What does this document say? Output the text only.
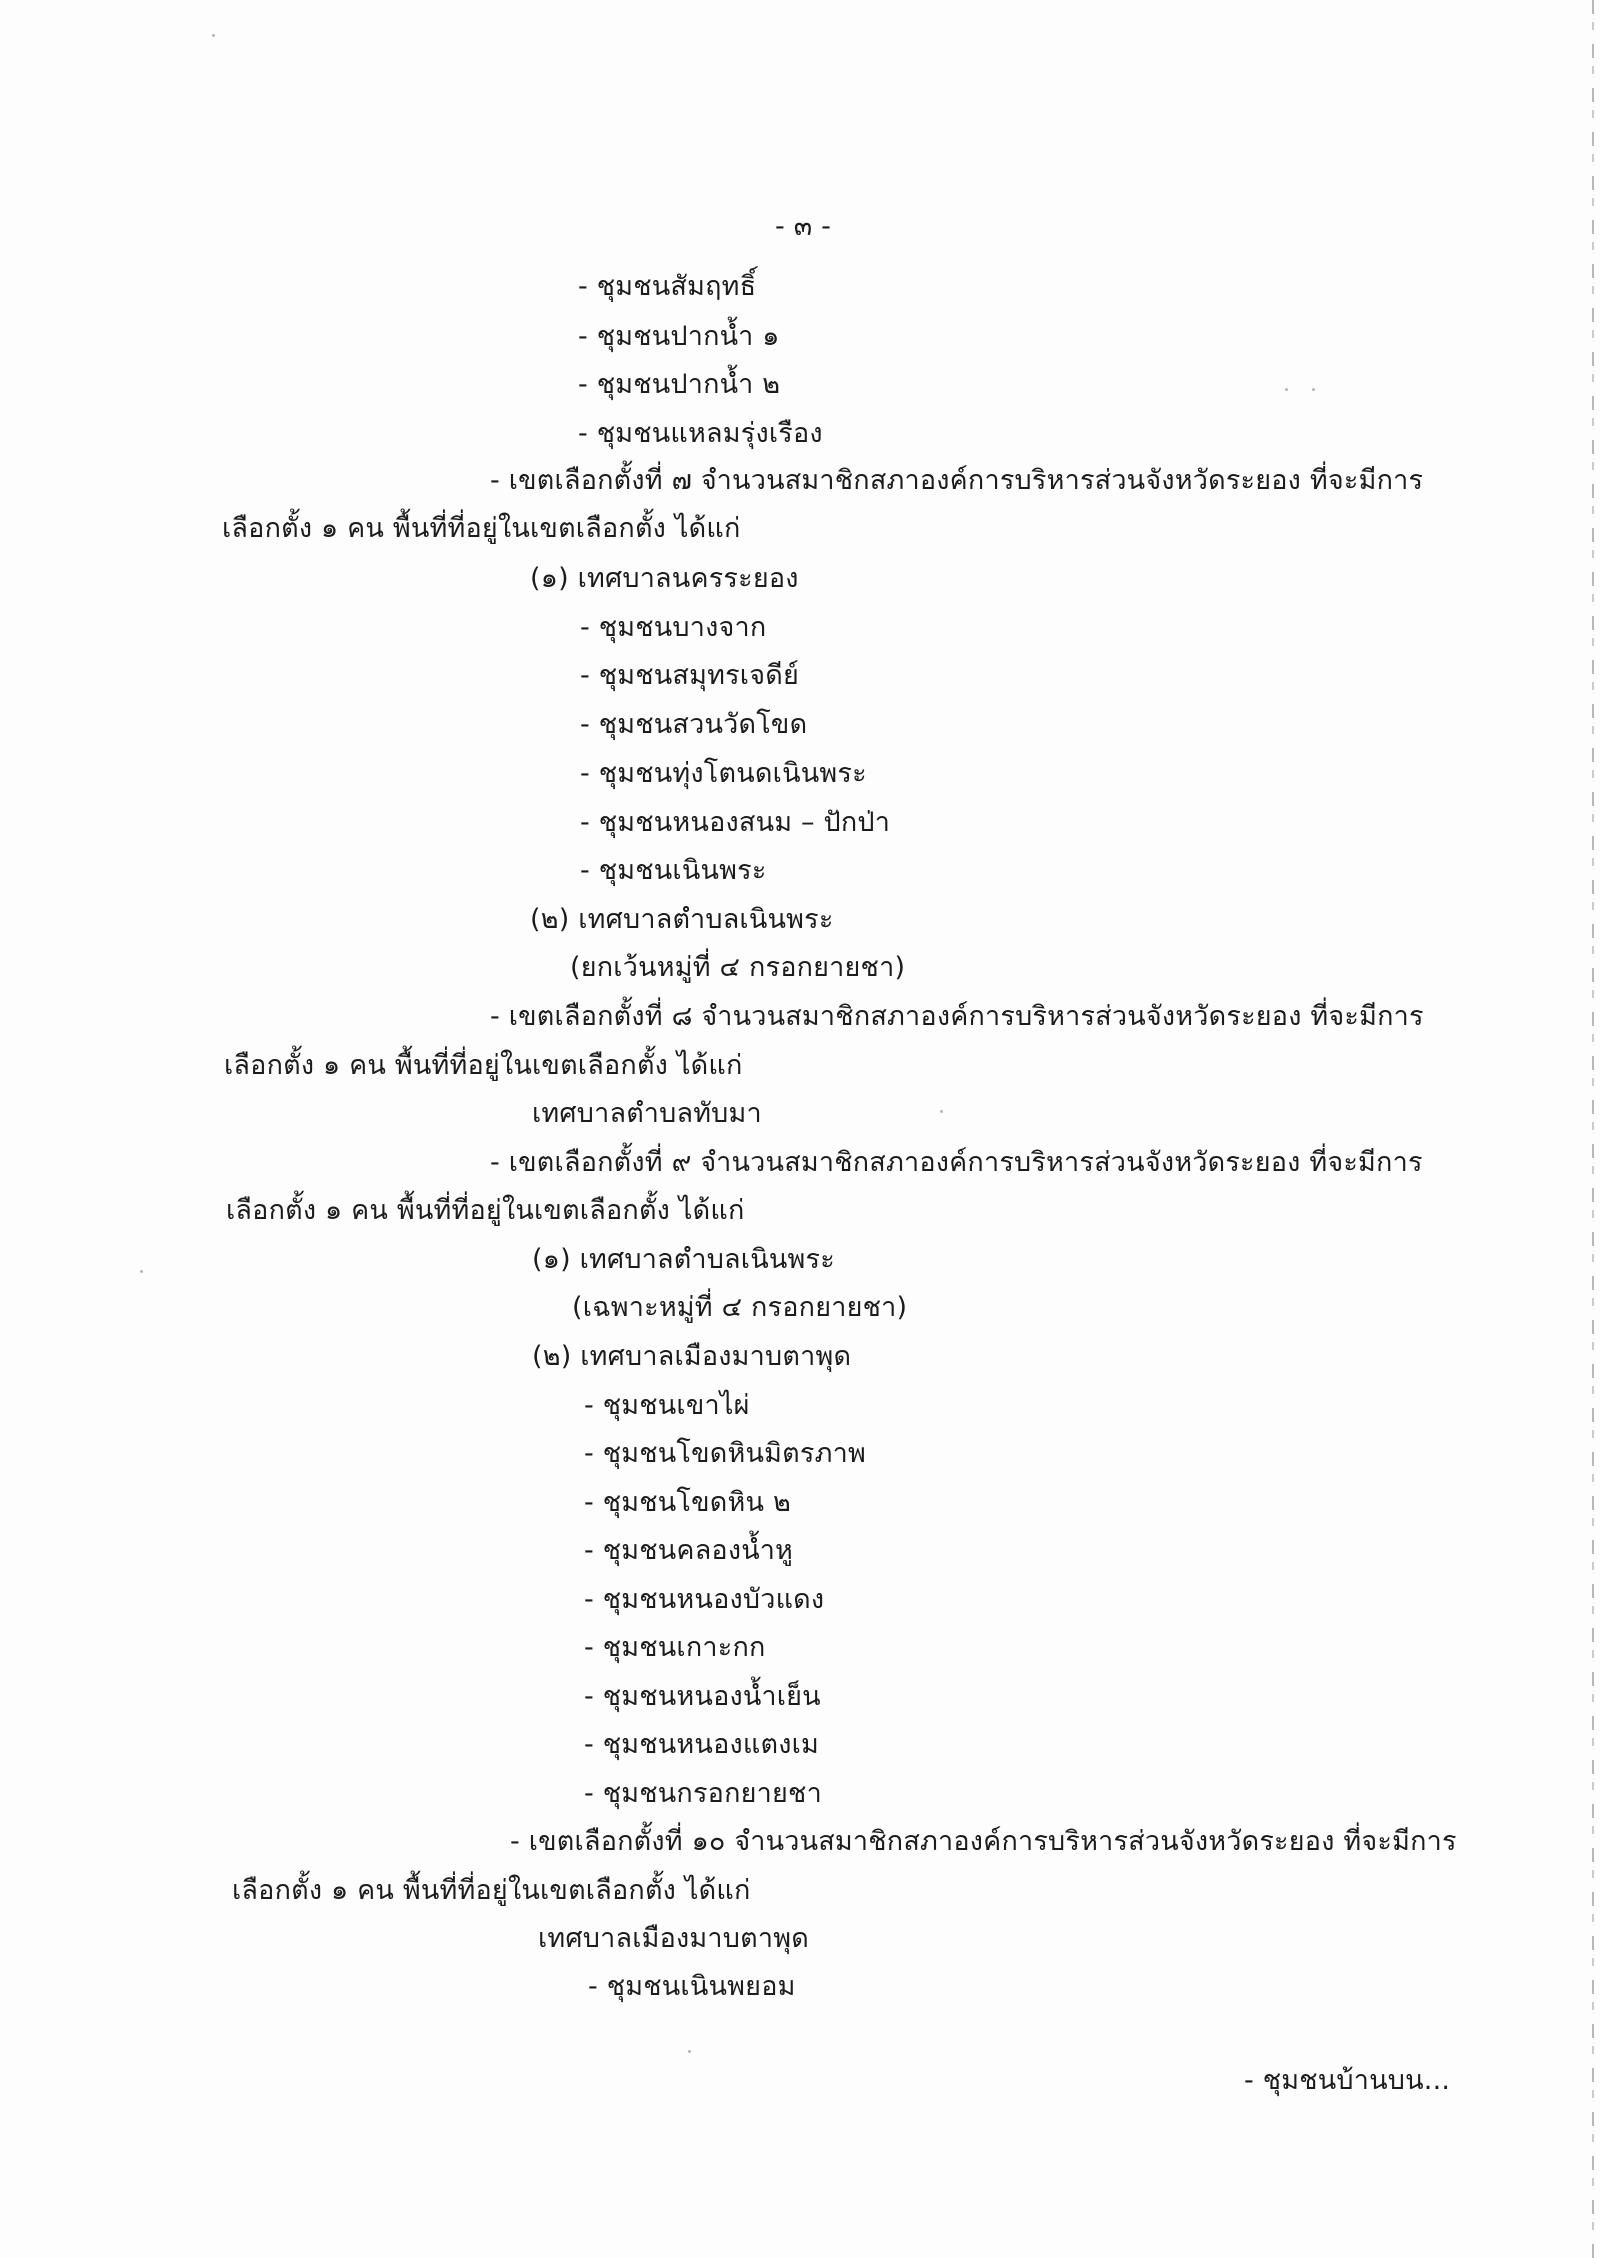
- ๓ -
- ชุมชนสัมฤทธิ์
- ชุมชนปากน้ำ ๑
- ชุมชนปากน้ำ ๒
- ชุมชนแหลมรุ่งเรือง
- เขตเลือกตั้งที่ ๗ จำนวนสมาชิกสภาองค์การบริหารส่วนจังหวัดระยอง ที่จะมีการ
เลือกตั้ง ๑ คน พื้นที่ที่อยู่ในเขตเลือกตั้ง ได้แก่
(๑) เทศบาลนครระยอง
- ชุมชนบางจาก
- ชุมชนสมุทรเจดีย์
- ชุมชนสวนวัดโขด
- ชุมชนทุ่งโตนดเนินพระ
- ชุมชนหนองสนม – ปักป่า
- ชุมชนเนินพระ
(๒) เทศบาลตำบลเนินพระ
(ยกเว้นหมู่ที่ ๔ กรอกยายชา)
- เขตเลือกตั้งที่ ๘ จำนวนสมาชิกสภาองค์การบริหารส่วนจังหวัดระยอง ที่จะมีการ
เลือกตั้ง ๑ คน พื้นที่ที่อยู่ในเขตเลือกตั้ง ได้แก่
เทศบาลตำบลทับมา
- เขตเลือกตั้งที่ ๙ จำนวนสมาชิกสภาองค์การบริหารส่วนจังหวัดระยอง ที่จะมีการ
เลือกตั้ง ๑ คน พื้นที่ที่อยู่ในเขตเลือกตั้ง ได้แก่
(๑) เทศบาลตำบลเนินพระ
(เฉพาะหมู่ที่ ๔ กรอกยายชา)
(๒) เทศบาลเมืองมาบตาพุด
- ชุมชนเขาไผ่
- ชุมชนโขดหินมิตรภาพ
- ชุมชนโขดหิน ๒
- ชุมชนคลองน้ำหู
- ชุมชนหนองบัวแดง
- ชุมชนเกาะกก
- ชุมชนหนองน้ำเย็น
- ชุมชนหนองแตงเม
- ชุมชนกรอกยายชา
- เขตเลือกตั้งที่ ๑๐ จำนวนสมาชิกสภาองค์การบริหารส่วนจังหวัดระยอง ที่จะมีการ
เลือกตั้ง ๑ คน พื้นที่ที่อยู่ในเขตเลือกตั้ง ได้แก่
เทศบาลเมืองมาบตาพุด
- ชุมชนเนินพยอม
- ชุมชนบ้านบน...
